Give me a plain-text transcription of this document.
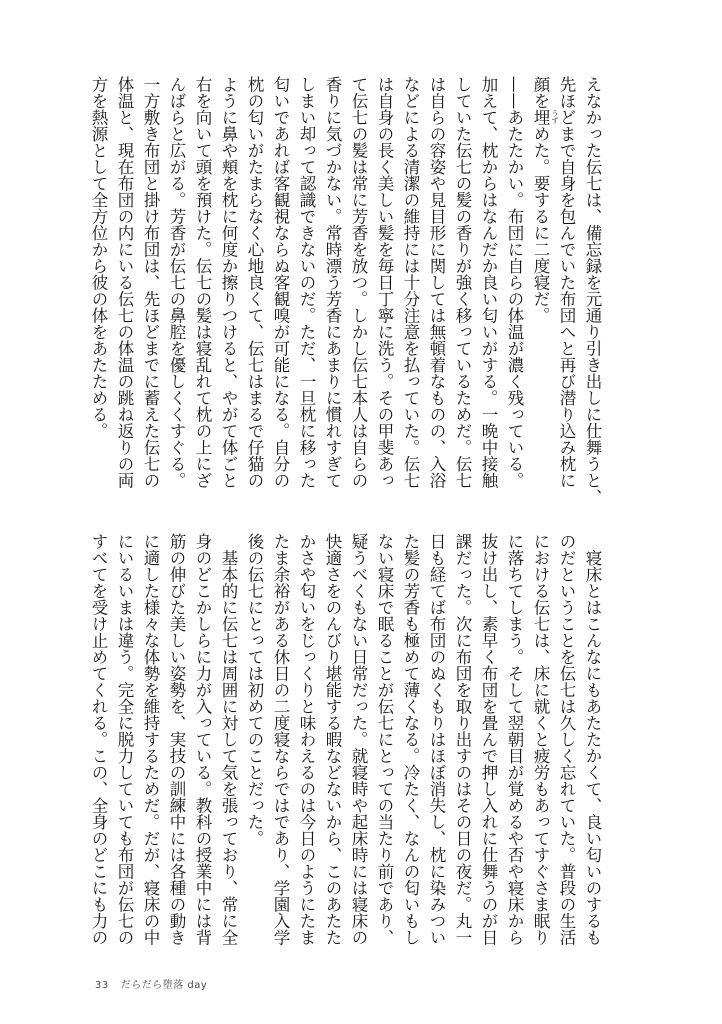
えなかった伝七は、備忘録を元通り引き出しに仕舞うと、
先ほどまで自身を包んでいた布団へと再び潜り込み枕に
顔を埋 うず
めた。要するに二度寝だ。
——あたたかい。布団に自らの体温が濃く残っている。
加えて、枕からはなんだか良い匂いがする。一晩中接触
していた伝七の髪の香りが強く移っているためだ。伝七
は自らの容姿や見目形に関しては無頓着なものの、入浴
などによる清潔の維持には十分注意を払っていた。伝七
は自身の長く美しい髪を毎日丁寧に洗う。その甲斐あっ
て伝七の髪は常に芳香を放つ。しかし伝七本人は自らの
香りに気づかない。常時漂う芳香にあまりに慣れすぎて
しまい却って認識できないのだ。ただ、一旦枕に移った
匂いであれば客観視ならぬ客観嗅が可能になる。自分の
枕の匂いがたまらなく心地良くて、伝七はまるで仔猫の
ように鼻や頬を枕に何度か擦りつけると、やがて体ごと
右を向いて頭を預けた。伝七の髪は寝乱れて枕の上にざ
んばらと広がる。芳香が伝七の鼻腔を優しくくすぐる。
一方敷き布団と掛け布団は、先ほどまでに蓄えた伝七の
体温と、現在布団の内にいる伝七の体温の跳ね返りの両
方を熱源として全方位から彼の体をあたためる。
　寝床とはこんなにもあたたかくて、良い匂いのするも
のだということを伝七は久しく忘れていた。普段の生活
における伝七は、床に就くと疲労もあってすぐさま眠り
に落ちてしまう。そして翌朝目が覚めるや否や寝床から
抜け出し、素早く布団を畳んで押し入れに仕舞うのが日
課だった。次に布団を取り出すのはその日の夜だ。丸一
日も経てば布団のぬくもりはほぼ消失し、枕に染みつい
た髪の芳香も極めて薄くなる。冷たく、なんの匂いもし
ない寝床で眠ることが伝七にとっての当たり前であり、
疑うべくもない日常だった。就寝時や起床時には寝床の
快適さをのんびり堪能する暇などないから、このあたた
かさや匂いをじっくりと味わえるのは今日のようにたま
たま余裕がある休日の二度寝ならではであり、学園入学
後の伝七にとっては初めてのことだった。
　基本的に伝七は周囲に対して気を張っており、常に全
身のどこかしらに力が入っている。教科の授業中には背
筋の伸びた美しい姿勢を、実技の訓練中には各種の動き
に適した様々な体勢を維持するためだ。だが、寝床の中
にいるいまは違う。完全に脱力していても布団が伝七の
すべてを受け止めてくれる。この、全身のどこにも力の
33 だらだら堕落 day
